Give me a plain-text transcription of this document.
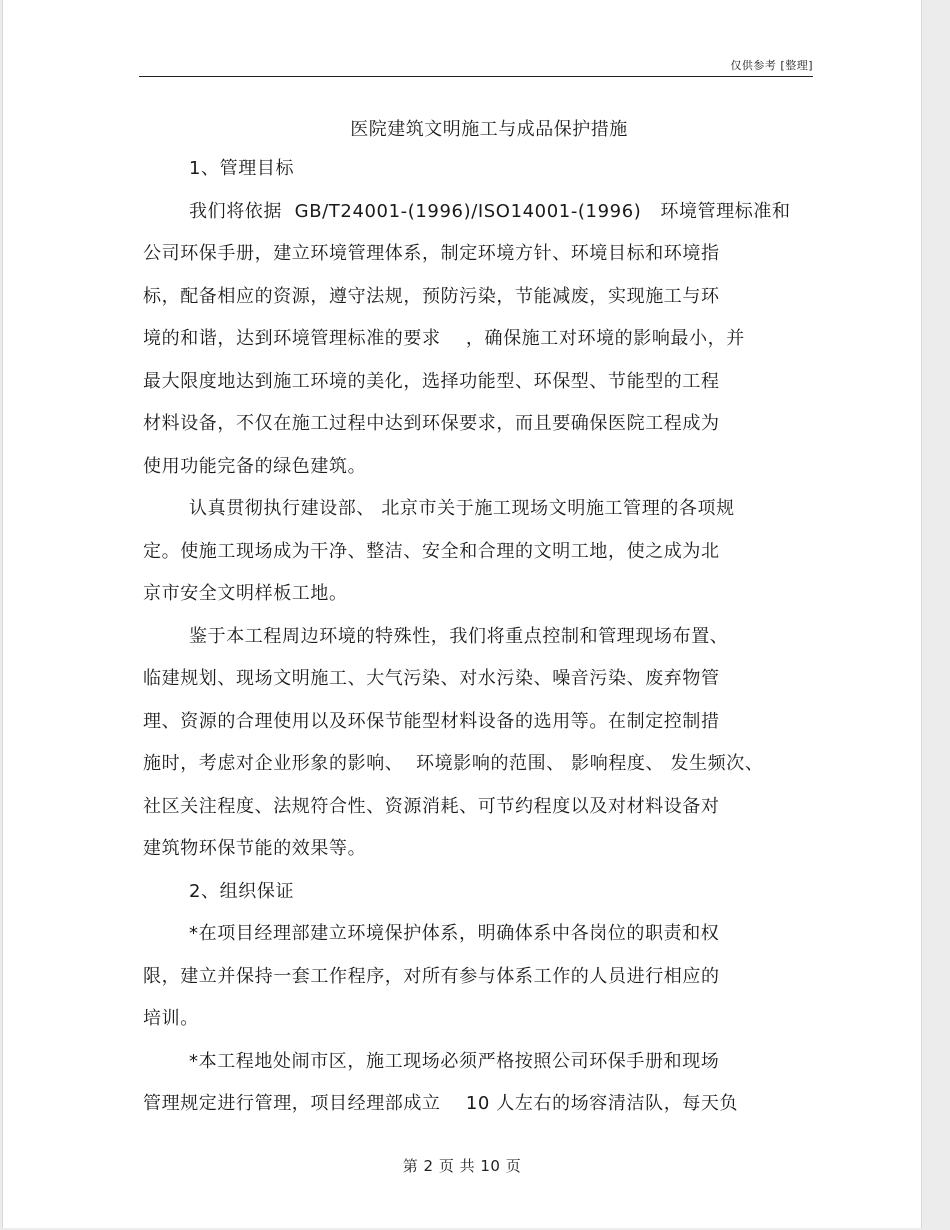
仅供参考 [整理]
医院建筑文明施工与成品保护措施
1、管理目标
我们将依据  GB/T24001-(1996)/ISO14001-(1996)   环境管理标准和
公司环保手册，建立环境管理体系，制定环境方针、环境目标和环境指
标，配备相应的资源，遵守法规，预防污染，节能减废，实现施工与环
境的和谐，达到环境管理标准的要求    ，确保施工对环境的影响最小，并
最大限度地达到施工环境的美化，选择功能型、环保型、节能型的工程
材料设备，不仅在施工过程中达到环保要求，而且要确保医院工程成为
使用功能完备的绿色建筑。
认真贯彻执行建设部、 北京市关于施工现场文明施工管理的各项规
定。使施工现场成为干净、整洁、安全和合理的文明工地，使之成为北
京市安全文明样板工地。
鉴于本工程周边环境的特殊性，我们将重点控制和管理现场布置、
临建规划、现场文明施工、大气污染、对水污染、噪音污染、废弃物管
理、资源的合理使用以及环保节能型材料设备的选用等。在制定控制措
施时，考虑对企业形象的影响、  环境影响的范围、 影响程度、 发生频次、
社区关注程度、法规符合性、资源消耗、可节约程度以及对材料设备对
建筑物环保节能的效果等。
2、组织保证
*在项目经理部建立环境保护体系，明确体系中各岗位的职责和权
限，建立并保持一套工作程序，对所有参与体系工作的人员进行相应的
培训。
*本工程地处闹市区，施工现场必须严格按照公司环保手册和现场
管理规定进行管理，项目经理部成立    10 人左右的场容清洁队，每天负
第 2 页 共 10 页
